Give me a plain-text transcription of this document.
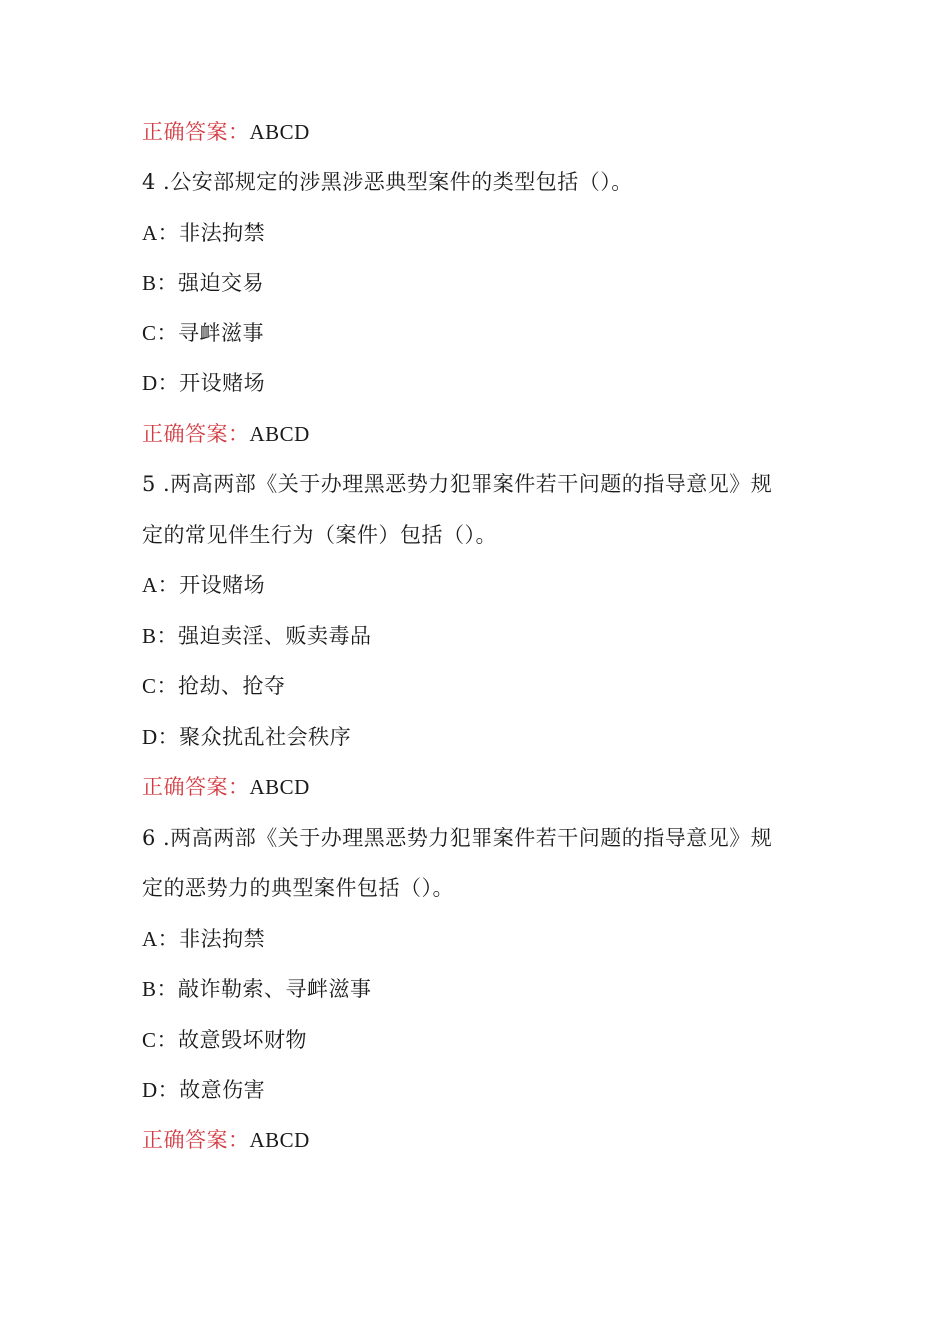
正确答案：ABCD
4 .公安部规定的涉黑涉恶典型案件的类型包括（）。
A：非法拘禁
B：强迫交易
C：寻衅滋事
D：开设赌场
正确答案：ABCD
5 .两高两部《关于办理黑恶势力犯罪案件若干问题的指导意见》规
定的常见伴生行为（案件）包括（）。
A：开设赌场
B：强迫卖淫、贩卖毒品
C：抢劫、抢夺
D：聚众扰乱社会秩序
正确答案：ABCD
6 .两高两部《关于办理黑恶势力犯罪案件若干问题的指导意见》规
定的恶势力的典型案件包括（）。
A：非法拘禁
B：敲诈勒索、寻衅滋事
C：故意毁坏财物
D：故意伤害
正确答案：ABCD
